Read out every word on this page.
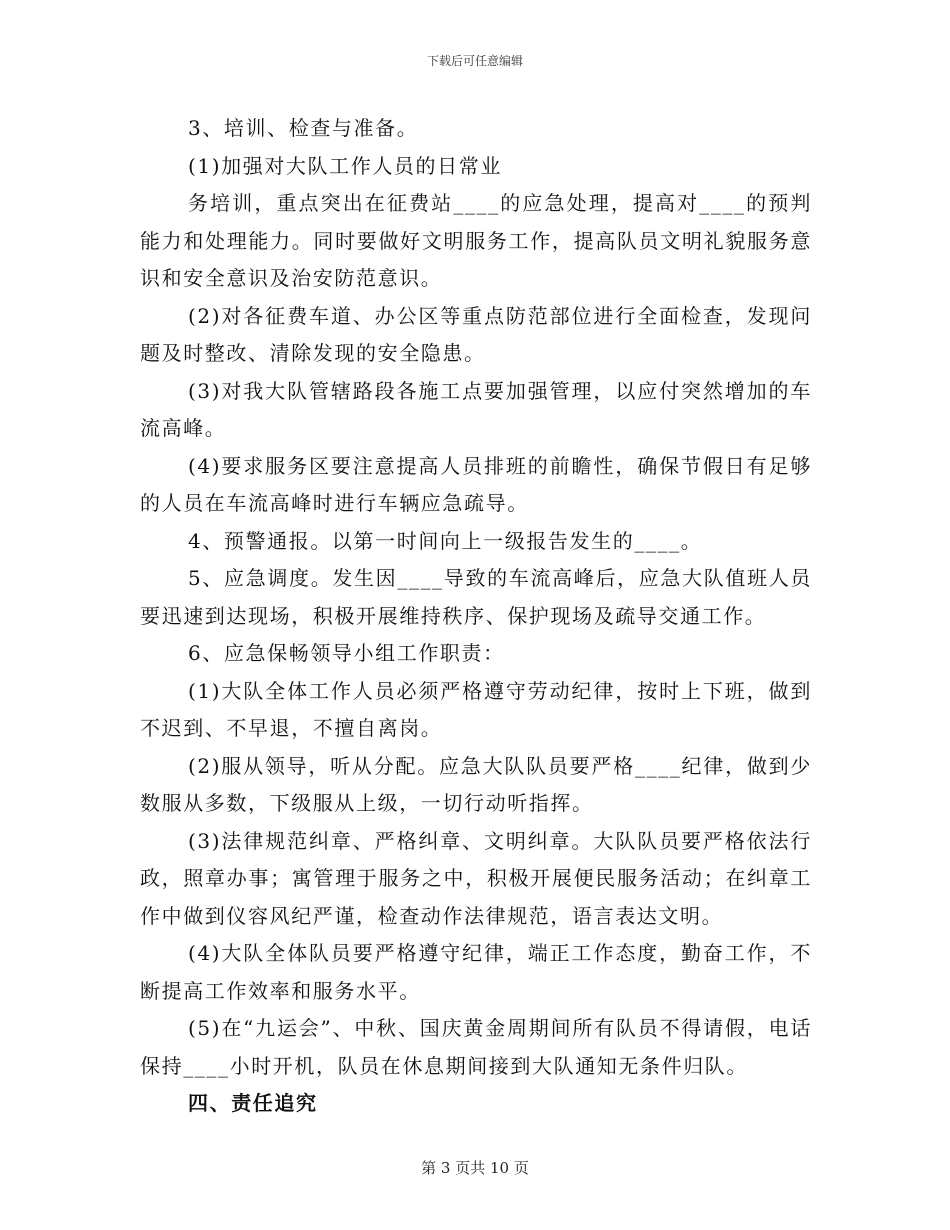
下载后可任意编辑

3、培训、检查与准备。

(1)加强对大队工作人员的日常业

务培训，重点突出在征费站____的应急处理，提高对____的预判能力和处理能力。同时要做好文明服务工作，提高队员文明礼貌服务意识和安全意识及治安防范意识。

(2)对各征费车道、办公区等重点防范部位进行全面检查，发现问题及时整改、清除发现的安全隐患。

(3)对我大队管辖路段各施工点要加强管理，以应付突然增加的车流高峰。

(4)要求服务区要注意提高人员排班的前瞻性，确保节假日有足够的人员在车流高峰时进行车辆应急疏导。

4、预警通报。以第一时间向上一级报告发生的____。

5、应急调度。发生因____导致的车流高峰后，应急大队值班人员要迅速到达现场，积极开展维持秩序、保护现场及疏导交通工作。

6、应急保畅领导小组工作职责：

(1)大队全体工作人员必须严格遵守劳动纪律，按时上下班，做到不迟到、不早退，不擅自离岗。

(2)服从领导，听从分配。应急大队队员要严格____纪律，做到少数服从多数，下级服从上级，一切行动听指挥。

(3)法律规范纠章、严格纠章、文明纠章。大队队员要严格依法行政，照章办事；寓管理于服务之中，积极开展便民服务活动；在纠章工作中做到仪容风纪严谨，检查动作法律规范，语言表达文明。

(4)大队全体队员要严格遵守纪律，端正工作态度，勤奋工作，不断提高工作效率和服务水平。

(5)在“九运会”、中秋、国庆黄金周期间所有队员不得请假，电话保持____小时开机，队员在休息期间接到大队通知无条件归队。

四、责任追究

第 3 页共 10 页
